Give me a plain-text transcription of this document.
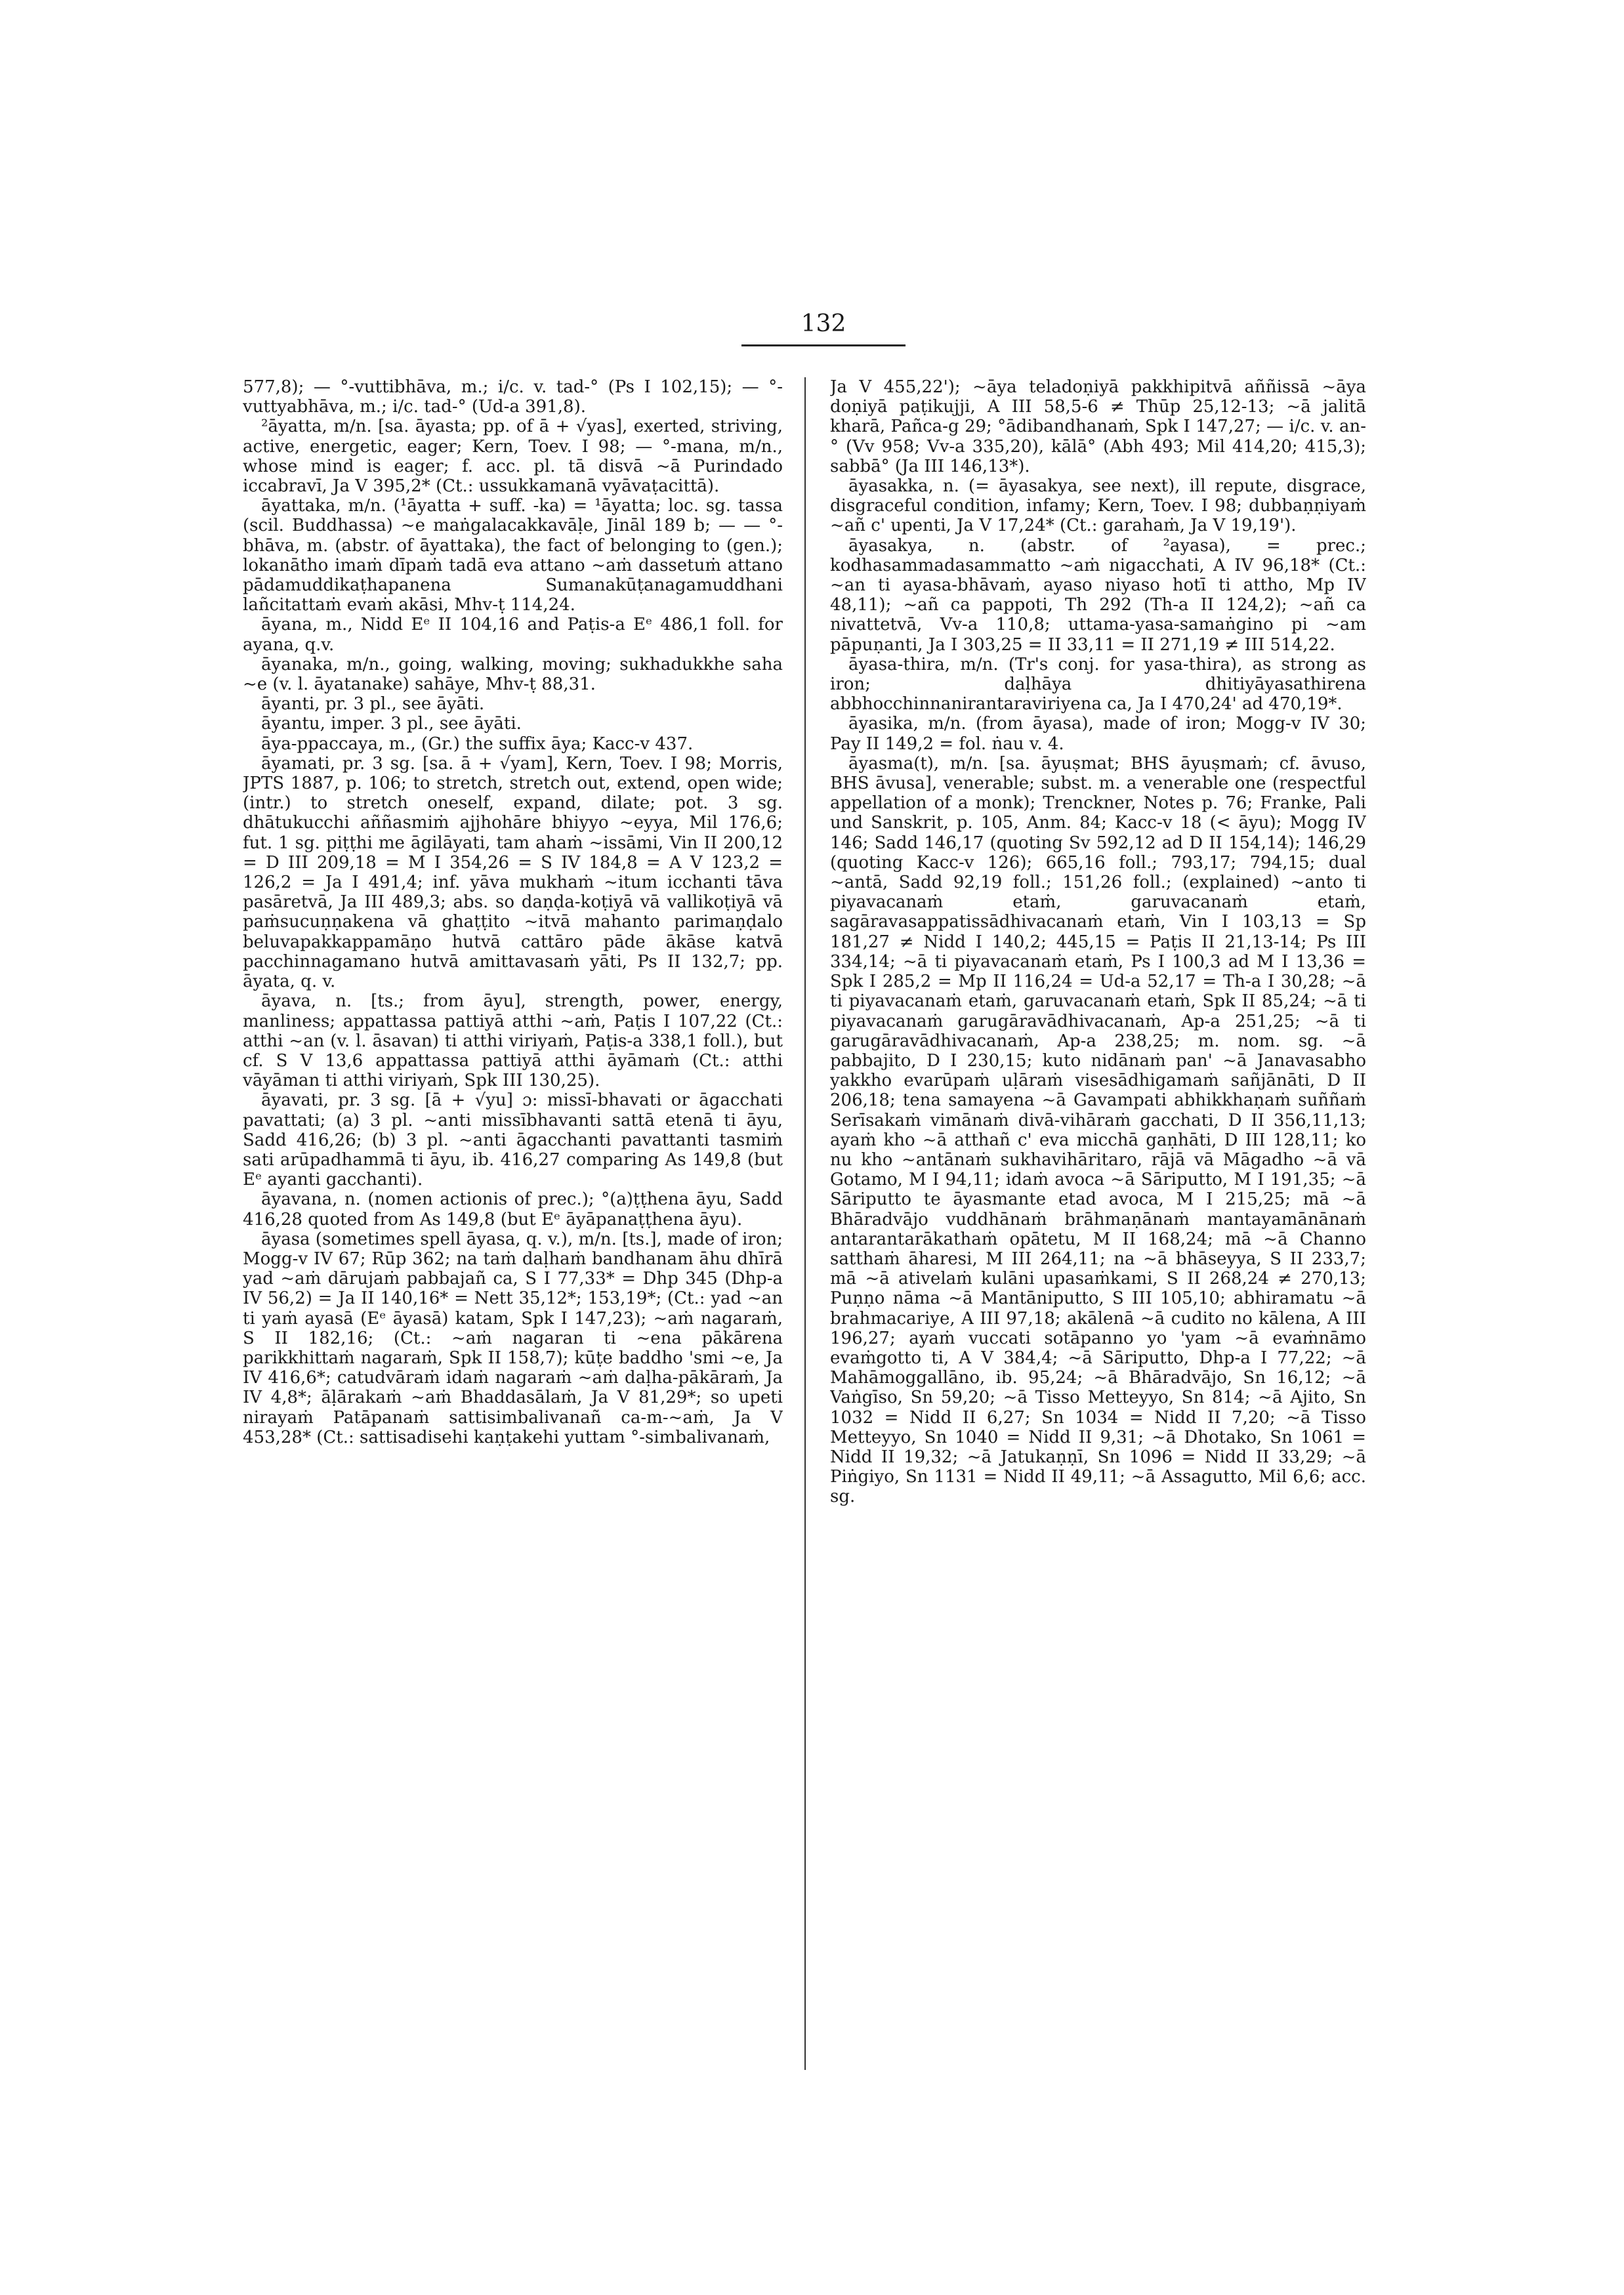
132

577,8); — °-vuttibhāva, m.; i/c. v. tad-° (Ps I 102,15); — °-vuttyabhāva, m.; i/c. tad-° (Ud-a 391,8).

²āyatta, m/n. [sa. āyasta; pp. of ā + √yas], exerted, striving, active, energetic, eager; Kern, Toev. I 98; — °-mana, m/n., whose mind is eager; f. acc. pl. tā disvā ~ā Purindado iccabravī, Ja V 395,2* (Ct.: ussukkamanā vyāvaṭacittā).

āyattaka, m/n. (¹āyatta + suff. -ka) = ¹āyatta; loc. sg. tassa (scil. Buddhassa) ~e maṅgalacakkavāḷe, Jināl 189 b; — — °-bhāva, m. (abstr. of āyattaka), the fact of belonging to (gen.); lokanātho imaṁ dīpaṁ tadā eva attano ~aṁ dassetuṁ attano pādamuddikaṭhapanena Sumanakūṭanagamuddhani lañcitattaṁ evaṁ akāsi, Mhv-ṭ 114,24.

āyana, m., Nidd Eᵉ II 104,16 and Paṭis-a Eᵉ 486,1 foll. for ayana, q.v.

āyanaka, m/n., going, walking, moving; sukhadukkhe saha ~e (v. l. āyatanake) sahāye, Mhv-ṭ 88,31.

āyanti, pr. 3 pl., see āyāti.

āyantu, imper. 3 pl., see āyāti.

āya-ppaccaya, m., (Gr.) the suffix āya; Kacc-v 437.

āyamati, pr. 3 sg. [sa. ā + √yam], Kern, Toev. I 98; Morris, JPTS 1887, p. 106; to stretch, stretch out, extend, open wide; (intr.) to stretch oneself, expand, dilate; pot. 3 sg. dhātukucchi aññasmiṁ ajjhohāre bhiyyo ~eyya, Mil 176,6; fut. 1 sg. piṭṭhi me āgilāyati, tam ahaṁ ~issāmi, Vin II 200,12 = D III 209,18 = M I 354,26 = S IV 184,8 = A V 123,2 = 126,2 = Ja I 491,4; inf. yāva mukhaṁ ~itum icchanti tāva pasāretvā, Ja III 489,3; abs. so daṇḍa-koṭiyā vā vallikoṭiyā vā paṁsucuṇṇakena vā ghaṭṭito ~itvā mahanto parimaṇḍalo beluvapakkappamāṇo hutvā cattāro pāde ākāse katvā pacchinnagamano hutvā amittavasaṁ yāti, Ps II 132,7; pp. āyata, q. v.

āyava, n. [ts.; from āyu], strength, power, energy, manliness; appattassa pattiyā atthi ~aṁ, Paṭis I 107,22 (Ct.: atthi ~an (v. l. āsavan) ti atthi viriyaṁ, Paṭis-a 338,1 foll.), but cf. S V 13,6 appattassa pattiyā atthi āyāmaṁ (Ct.: atthi vāyāman ti atthi viriyaṁ, Spk III 130,25).

āyavati, pr. 3 sg. [ā + √yu] ɔ: missī-bhavati or āgacchati pavattati; (a) 3 pl. ~anti missībhavanti sattā etenā ti āyu, Sadd 416,26; (b) 3 pl. ~anti āgacchanti pavattanti tasmiṁ sati arūpadhammā ti āyu, ib. 416,27 comparing As 149,8 (but Eᵉ ayanti gacchanti).

āyavana, n. (nomen actionis of prec.); °(a)ṭṭhena āyu, Sadd 416,28 quoted from As 149,8 (but Eᵉ āyāpanaṭṭhena āyu).

āyasa (sometimes spell āyasa, q. v.), m/n. [ts.], made of iron; Mogg-v IV 67; Rūp 362; na taṁ daḷhaṁ bandhanam āhu dhīrā yad ~aṁ dārujaṁ pabbajañ ca, S I 77,33* = Dhp 345 (Dhp-a IV 56,2) = Ja II 140,16* = Nett 35,12*; 153,19*; (Ct.: yad ~an ti yaṁ ayasā (Eᵉ āyasā) katam, Spk I 147,23); ~aṁ nagaraṁ, S II 182,16; (Ct.: ~aṁ nagaran ti ~ena pākārena parikkhittaṁ nagaraṁ, Spk II 158,7); kūṭe baddho 'smi ~e, Ja IV 416,6*; catudvāraṁ idaṁ nagaraṁ ~aṁ daḷha-pākāraṁ, Ja IV 4,8*; āḷārakaṁ ~aṁ Bhaddasālaṁ, Ja V 81,29*; so upeti nirayaṁ Patāpanaṁ sattisimbalivanañ ca-m-~aṁ, Ja V 453,28* (Ct.: sattisadisehi kaṇṭakehi yuttam °-simbalivanaṁ,

Ja V 455,22'); ~āya teladoṇiyā pakkhipitvā aññissā ~āya doṇiyā paṭikujji, A III 58,5-6 ≠ Thūp 25,12-13; ~ā jalitā kharā, Pañca-g 29; °ādibandhanaṁ, Spk I 147,27; — i/c. v. an-° (Vv 958; Vv-a 335,20), kālā° (Abh 493; Mil 414,20; 415,3); sabbā° (Ja III 146,13*).

āyasakka, n. (= āyasakya, see next), ill repute, disgrace, disgraceful condition, infamy; Kern, Toev. I 98; dubbaṇṇiyaṁ ~añ c' upenti, Ja V 17,24* (Ct.: garahaṁ, Ja V 19,19').

āyasakya, n. (abstr. of ²ayasa), = prec.; kodhasammadasammatto ~aṁ nigacchati, A IV 96,18* (Ct.: ~an ti ayasa-bhāvaṁ, ayaso niyaso hotī ti attho, Mp IV 48,11); ~añ ca pappoti, Th 292 (Th-a II 124,2); ~añ ca nivattetvā, Vv-a 110,8; uttama-yasa-samaṅgino pi ~am pāpuṇanti, Ja I 303,25 = II 33,11 = II 271,19 ≠ III 514,22.

āyasa-thira, m/n. (Tr's conj. for yasa-thira), as strong as iron; daḷhāya dhitiyāyasathirena abbhocchinnanirantaraviriyena ca, Ja I 470,24' ad 470,19*.

āyasika, m/n. (from āyasa), made of iron; Mogg-v IV 30; Pay II 149,2 = fol. ṅau v. 4.

āyasma(t), m/n. [sa. āyuṣmat; BHS āyuṣmaṁ; cf. āvuso, BHS āvusa], venerable; subst. m. a venerable one (respectful appellation of a monk); Trenckner, Notes p. 76; Franke, Pali und Sanskrit, p. 105, Anm. 84; Kacc-v 18 (< āyu); Mogg IV 146; Sadd 146,17 (quoting Sv 592,12 ad D II 154,14); 146,29 (quoting Kacc-v 126); 665,16 foll.; 793,17; 794,15; dual ~antā, Sadd 92,19 foll.; 151,26 foll.; (explained) ~anto ti piyavacanaṁ etaṁ, garuvacanaṁ etaṁ, sagāravasappatissādhivacanaṁ etaṁ, Vin I 103,13 = Sp 181,27 ≠ Nidd I 140,2; 445,15 = Paṭis II 21,13-14; Ps III 334,14; ~ā ti piyavacanaṁ etaṁ, Ps I 100,3 ad M I 13,36 = Spk I 285,2 = Mp II 116,24 = Ud-a 52,17 = Th-a I 30,28; ~ā ti piyavacanaṁ etaṁ, garuvacanaṁ etaṁ, Spk II 85,24; ~ā ti piyavacanaṁ garugāravādhivacanaṁ, Ap-a 251,25; ~ā ti garugāravādhivacanaṁ, Ap-a 238,25; m. nom. sg. ~ā pabbajito, D I 230,15; kuto nidānaṁ pan' ~ā Janavasabho yakkho evarūpaṁ uḷāraṁ visesādhigamaṁ sañjānāti, D II 206,18; tena samayena ~ā Gavampati abhikkhaṇaṁ suññaṁ Serīsakaṁ vimānaṁ divā-vihāraṁ gacchati, D II 356,11,13; ayaṁ kho ~ā atthañ c' eva micchā gaṇhāti, D III 128,11; ko nu kho ~antānaṁ sukhavihāritaro, rājā vā Māgadho ~ā vā Gotamo, M I 94,11; idaṁ avoca ~ā Sāriputto, M I 191,35; ~ā Sāriputto te āyasmante etad avoca, M I 215,25; mā ~ā Bhāradvājo vuddhānaṁ brāhmaṇānaṁ mantayamānānaṁ antarantarākathaṁ opātetu, M II 168,24; mā ~ā Channo satthaṁ āharesi, M III 264,11; na ~ā bhāseyya, S II 233,7; mā ~ā ativelaṁ kulāni upasaṁkami, S II 268,24 ≠ 270,13; Puṇṇo nāma ~ā Mantāniputto, S III 105,10; abhiramatu ~ā brahmacariye, A III 97,18; akālenā ~ā cudito no kālena, A III 196,27; ayaṁ vuccati sotāpanno yo 'yam ~ā evaṁnāmo evaṁgotto ti, A V 384,4; ~ā Sāriputto, Dhp-a I 77,22; ~ā Mahāmoggallāno, ib. 95,24; ~ā Bhāradvājo, Sn 16,12; ~ā Vaṅgīso, Sn 59,20; ~ā Tisso Metteyyo, Sn 814; ~ā Ajito, Sn 1032 = Nidd II 6,27; Sn 1034 = Nidd II 7,20; ~ā Tisso Metteyyo, Sn 1040 = Nidd II 9,31; ~ā Dhotako, Sn 1061 = Nidd II 19,32; ~ā Jatukaṇṇī, Sn 1096 = Nidd II 33,29; ~ā Piṅgiyo, Sn 1131 = Nidd II 49,11; ~ā Assagutto, Mil 6,6; acc. sg.
